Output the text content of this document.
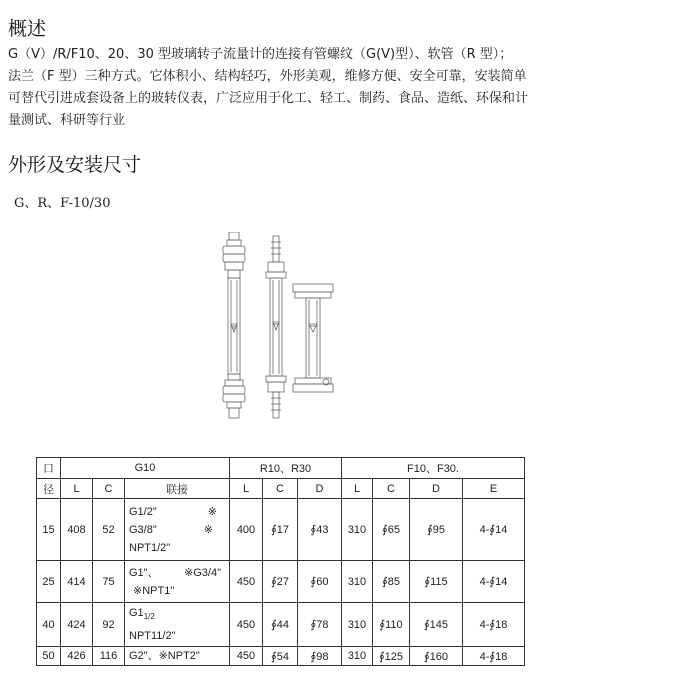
概述
G（V）/R/F10、20、30 型玻璃转子流量计的连接有管螺纹（G(V)型）、软管（R 型）；
法兰（F 型）三种方式。它体积小、结构轻巧，外形美观，维修方便、安全可靠，安装简单
可替代引进成套设备上的玻转仪表，广泛应用于化工、轻工、制药、食品、造纸、环保和计
量测试、科研等行业
外形及安装尺寸
G、R、F-10/30
口	G10			R10、R30			F10、F30.			
径	L	C	联接	L	C	D	L	C	D	E
15	408	52	G1/2" ※
G3/8" ※
NPT1/2"	400	∮17	∮43	310	∮65	∮95	4-∮14
25	414	75	G1"、 ※G3/4"
※NPT1"	450	∮27	∮60	310	∮85	∮115	4-∮14
40	424	92	$G1_{1/2}$
NPT11/2"	450	∮44	∮78	310	∮110	∮145	4-∮18
50	426	116	G2"、※NPT2"	450	∮54	∮98	310	∮125	∮160	4-∮18
